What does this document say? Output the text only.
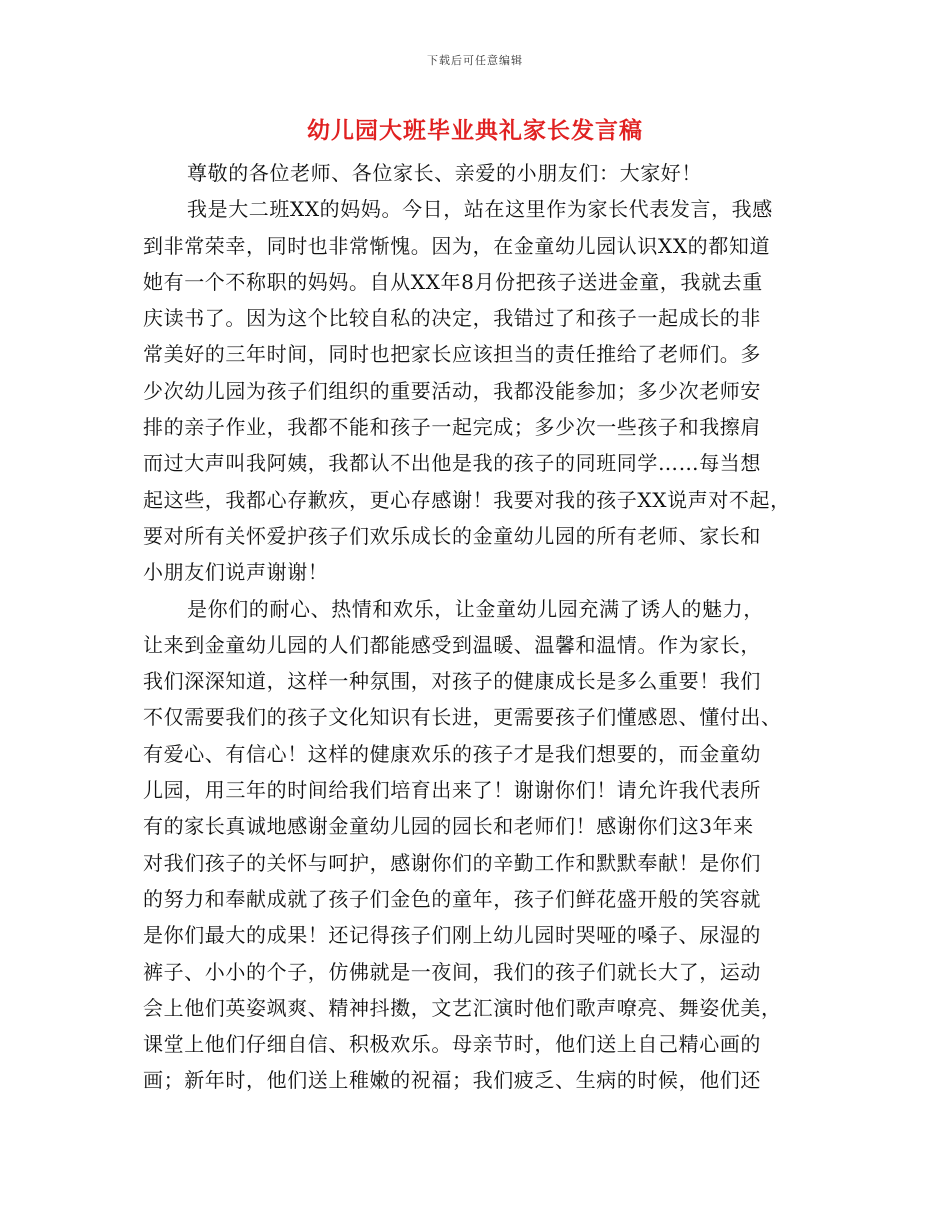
下载后可任意编辑
幼儿园大班毕业典礼家长发言稿
尊敬的各位老师、各位家长、亲爱的小朋友们：大家好！
我是大二班XX的妈妈。今日，站在这里作为家长代表发言，我感
到非常荣幸，同时也非常惭愧。因为，在金童幼儿园认识XX的都知道
她有一个不称职的妈妈。自从XX年8月份把孩子送进金童，我就去重
庆读书了。因为这个比较自私的决定，我错过了和孩子一起成长的非
常美好的三年时间，同时也把家长应该担当的责任推给了老师们。多
少次幼儿园为孩子们组织的重要活动，我都没能参加；多少次老师安
排的亲子作业，我都不能和孩子一起完成；多少次一些孩子和我擦肩
而过大声叫我阿姨，我都认不出他是我的孩子的同班同学……每当想
起这些，我都心存歉疚，更心存感谢！我要对我的孩子XX说声对不起，
要对所有关怀爱护孩子们欢乐成长的金童幼儿园的所有老师、家长和
小朋友们说声谢谢！
是你们的耐心、热情和欢乐，让金童幼儿园充满了诱人的魅力，
让来到金童幼儿园的人们都能感受到温暖、温馨和温情。作为家长，
我们深深知道，这样一种氛围，对孩子的健康成长是多么重要！我们
不仅需要我们的孩子文化知识有长进，更需要孩子们懂感恩、懂付出、
有爱心、有信心！这样的健康欢乐的孩子才是我们想要的，而金童幼
儿园，用三年的时间给我们培育出来了！谢谢你们！请允许我代表所
有的家长真诚地感谢金童幼儿园的园长和老师们！感谢你们这3年来
对我们孩子的关怀与呵护，感谢你们的辛勤工作和默默奉献！是你们
的努力和奉献成就了孩子们金色的童年，孩子们鲜花盛开般的笑容就
是你们最大的成果！还记得孩子们刚上幼儿园时哭哑的嗓子、尿湿的
裤子、小小的个子，仿佛就是一夜间，我们的孩子们就长大了，运动
会上他们英姿飒爽、精神抖擞，文艺汇演时他们歌声嘹亮、舞姿优美，
课堂上他们仔细自信、积极欢乐。母亲节时，他们送上自己精心画的
画；新年时，他们送上稚嫩的祝福；我们疲乏、生病的时候，他们还
